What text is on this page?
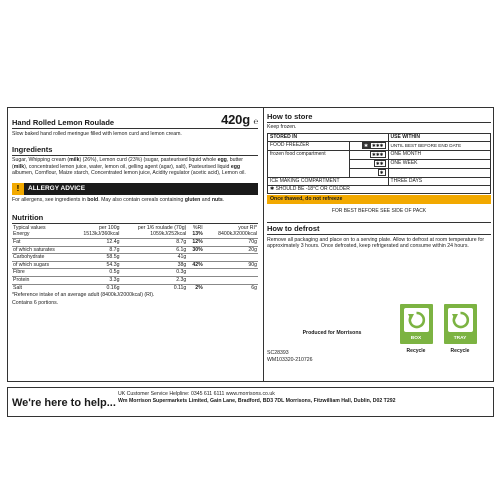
Hand Rolled Lemon Roulade	420g ℮
Slow baked hand rolled meringue filled with lemon curd and lemon cream.
Ingredients
Sugar, Whipping cream (milk) (26%), Lemon curd (23%) (sugar, pasteurised liquid whole egg, butter (milk), concentrated lemon juice, water, lemon oil, gelling agent (agar), salt), Pasteurised liquid egg albumen, Cornflour, Maize starch, Concentrated lemon juice, Acidity regulator (acetic acid), Lemon oil.
!	ALLERGY ADVICE
For allergens, see ingredients in bold. May also contain cereals containing gluten and nuts.
Nutrition
Typical values	per 100g	per 1/6 roulade (70g)	%RI	your RI*
Energy	1513kJ/360kcal	1059kJ/252kcal	13%	8400kJ/2000kcal
Fat	12.4g	8.7g	12%	70g
of which saturates	8.7g	6.1g	30%	20g
Carbohydrate	58.5g	41g		
of which sugars	54.3g	38g	42%	90g
Fibre	0.5g	0.3g		
Protein	3.3g	2.3g		
Salt	0.16g	0.11g	2%	6g
*Reference intake of an average adult (8400kJ/2000kcal) (RI).
Contains 6 portions.
How to store
Keep frozen.
STORED IN		USE WITHIN
FOOD FREEZER	✱ ✱✱✱	UNTIL BEST BEFORE END DATE
frozen food compartment	✱✱✱	ONE MONTH
	✱✱	ONE WEEK
	✱	
ICE MAKING COMPARTMENT		THREE DAYS
✱ SHOULD BE -18°C OR COLDER		
Once thawed, do not refreeze
FOR BEST BEFORE SEE SIDE OF PACK
How to defrost
Remove all packaging and place on to a serving plate. Allow to defrost at room temperature for approximately 3 hours. Once defrosted, keep refrigerated and consume within 24 hours.
Produced for Morrisons
SC28393
WM103320-210726
BOX
Recycle
TRAY
Recycle
We're here to help...
UK Customer Service Helpline: 0345 611 6111 www.morrisons.co.uk
Wm Morrison Supermarkets Limited, Gain Lane, Bradford, BD3 7DL Morrisons, Fitzwilliam Hall, Dublin, D02 T292
